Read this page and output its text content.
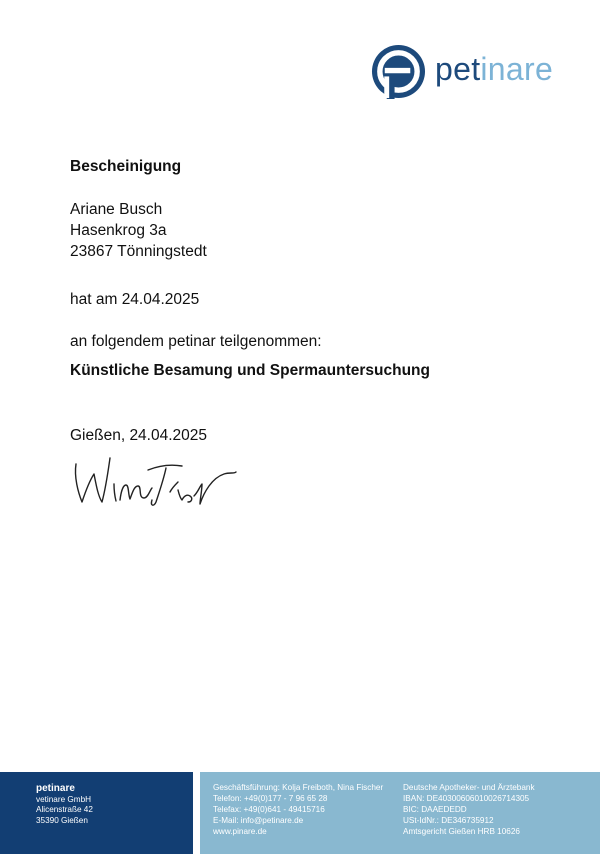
petinare
Bescheinigung
Ariane Busch
Hasenkrog 3a
23867 Tönningstedt
hat am 24.04.2025
an folgendem petinar teilgenommen:
Künstliche Besamung und Spermauntersuchung
Gießen, 24.04.2025
petinare
vetinare GmbH
Alicenstraße 42
35390 Gießen
Geschäftsführung: Kolja Freiboth, Nina Fischer
Telefon: +49(0)177 - 7 96 65 28
Telefax: +49(0)641 - 49415716
E-Mail: info@petinare.de
www.pinare.de
Deutsche Apotheker- und Ärztebank
IBAN: DE40300606010026714305
BIC: DAAEDEDD
USt-IdNr.: DE346735912
Amtsgericht Gießen HRB 10626
